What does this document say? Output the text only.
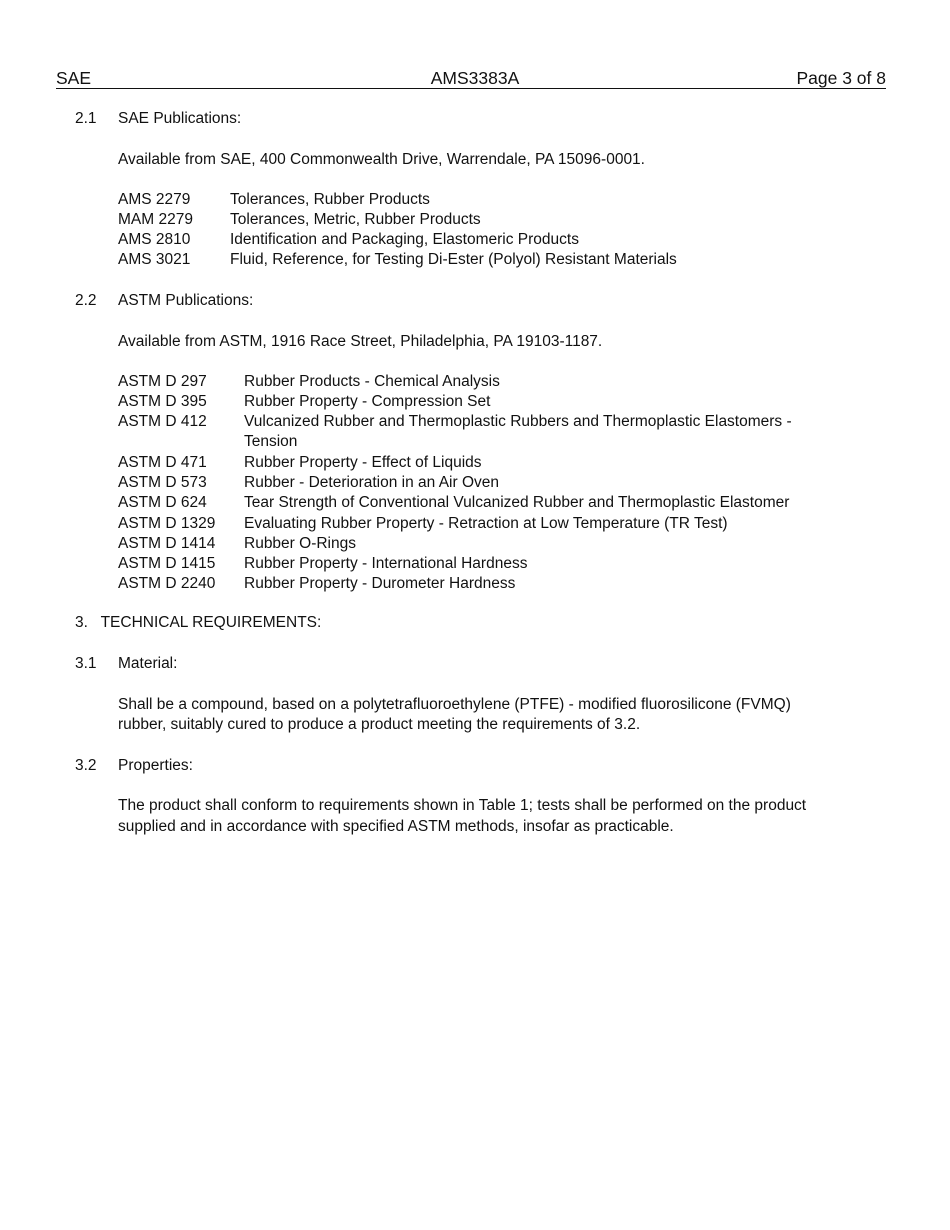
SAE	AMS3383A	Page 3 of 8
2.1 SAE Publications:
Available from SAE, 400 Commonwealth Drive, Warrendale, PA 15096-0001.
AMS 2279	Tolerances, Rubber Products
MAM 2279 Tolerances, Metric, Rubber Products
AMS 2810	Identification and Packaging, Elastomeric Products
AMS 3021	Fluid, Reference, for Testing Di-Ester (Polyol) Resistant Materials
2.2 ASTM Publications:
Available from ASTM, 1916 Race Street, Philadelphia, PA 19103-1187.
ASTM D 297 Rubber Products - Chemical Analysis
ASTM D 395 Rubber Property - Compression Set
ASTM D 412 Vulcanized Rubber and Thermoplastic Rubbers and Thermoplastic Elastomers -
Tension
ASTM D 471 Rubber Property - Effect of Liquids
ASTM D 573 Rubber - Deterioration in an Air Oven
ASTM D 624 Tear Strength of Conventional Vulcanized Rubber and Thermoplastic Elastomer
ASTM D 1329 Evaluating Rubber Property - Retraction at Low Temperature (TR Test)
ASTM D 1414 Rubber O-Rings
ASTM D 1415 Rubber Property - International Hardness
ASTM D 2240 Rubber Property - Durometer Hardness
3.   TECHNICAL REQUIREMENTS:
3.1 Material:
Shall be a compound, based on a polytetrafluoroethylene (PTFE) - modified fluorosilicone (FVMQ)
rubber, suitably cured to produce a product meeting the requirements of 3.2.
3.2 Properties:
The product shall conform to requirements shown in Table 1; tests shall be performed on the product
supplied and in accordance with specified ASTM methods, insofar as practicable.
